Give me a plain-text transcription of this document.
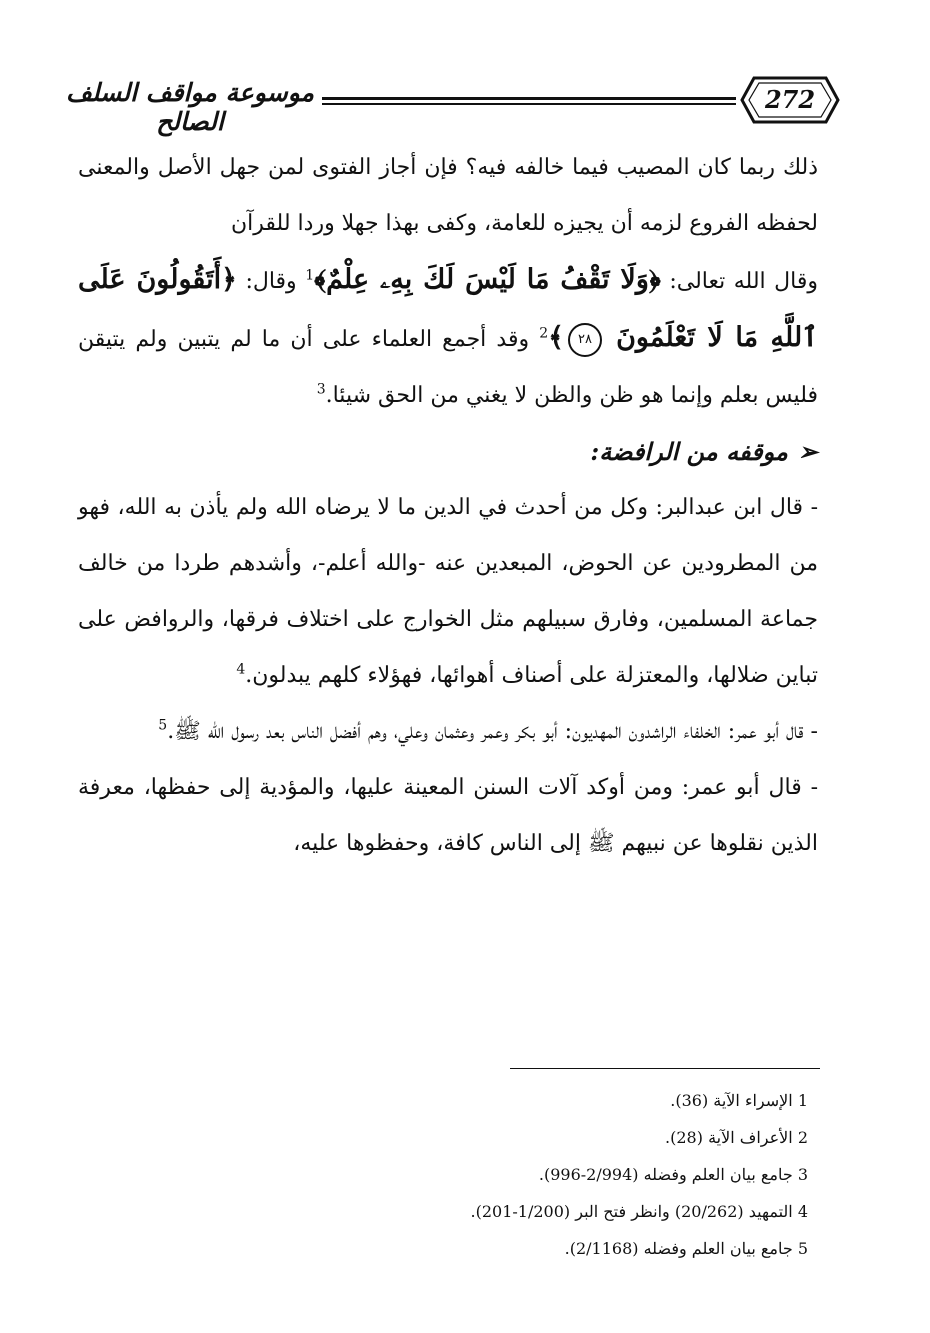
272
موسوعة مواقف السلف الصالح

ذلك ربما كان المصيب فيما خالفه فيه؟ فإن أجاز الفتوى لمن جهل الأصل والمعنى لحفظه الفروع لزمه أن يجيزه للعامة، وكفى بهذا جهلا وردا للقرآن

وقال الله تعالى: ﴿وَلَا تَقْفُ مَا لَيْسَ لَكَ بِهِۦ عِلْمٌ﴾$^1$ وقال: ﴿أَتَقُولُونَ عَلَى ٱللَّهِ مَا لَا تَعْلَمُونَ ٢٨﴾$^2$ وقد أجمع العلماء على أن ما لم يتبين ولم يتيقن فليس بعلم وإنما هو ظن والظن لا يغني من الحق شيئا.$^3$

➢موقفه من الرافضة:

- قال ابن عبدالبر: وكل من أحدث في الدين ما لا يرضاه الله ولم يأذن به الله، فهو من المطرودين عن الحوض، المبعدين عنه -والله أعلم-، وأشدهم طردا من خالف جماعة المسلمين، وفارق سبيلهم مثل الخوارج على اختلاف فرقها، والروافض على تباين ضلالها، والمعتزلة على أصناف أهوائها، فهؤلاء كلهم يبدلون.$^4$

- قال أبو عمر: الخلفاء الراشدون المهديون: أبو بكر وعمر وعثمان وعلي، وهم أفضل الناس بعد رسول الله ﷺ.$^5$

- قال أبو عمر: ومن أوكد آلات السنن المعينة عليها، والمؤدية إلى حفظها، معرفة الذين نقلوها عن نبيهم ﷺ إلى الناس كافة، وحفظوها عليه،

1 الإسراء الآية (36).
2 الأعراف الآية (28).
3 جامع بيان العلم وفضله (2/994-996).
4 التمهيد (20/262) وانظر فتح البر (1/200-201).
5 جامع بيان العلم وفضله (2/1168).
